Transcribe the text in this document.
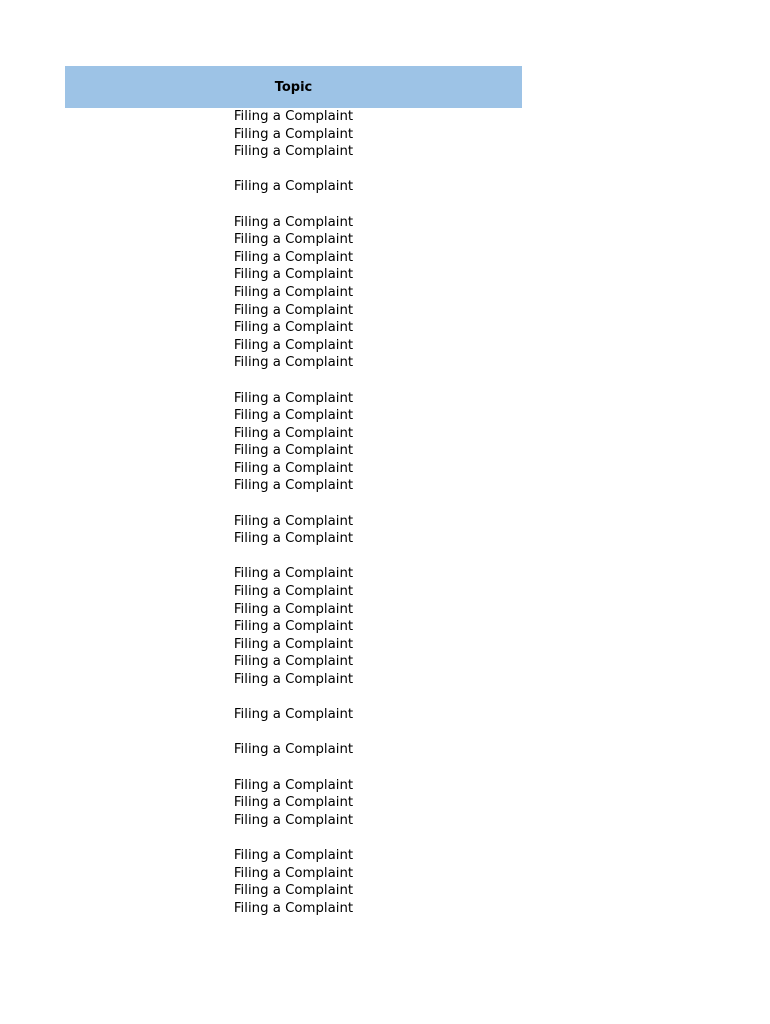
Topic
Filing a Complaint
Filing a Complaint
Filing a Complaint
Filing a Complaint
Filing a Complaint
Filing a Complaint
Filing a Complaint
Filing a Complaint
Filing a Complaint
Filing a Complaint
Filing a Complaint
Filing a Complaint
Filing a Complaint
Filing a Complaint
Filing a Complaint
Filing a Complaint
Filing a Complaint
Filing a Complaint
Filing a Complaint
Filing a Complaint
Filing a Complaint
Filing a Complaint
Filing a Complaint
Filing a Complaint
Filing a Complaint
Filing a Complaint
Filing a Complaint
Filing a Complaint
Filing a Complaint
Filing a Complaint
Filing a Complaint
Filing a Complaint
Filing a Complaint
Filing a Complaint
Filing a Complaint
Filing a Complaint
Filing a Complaint
